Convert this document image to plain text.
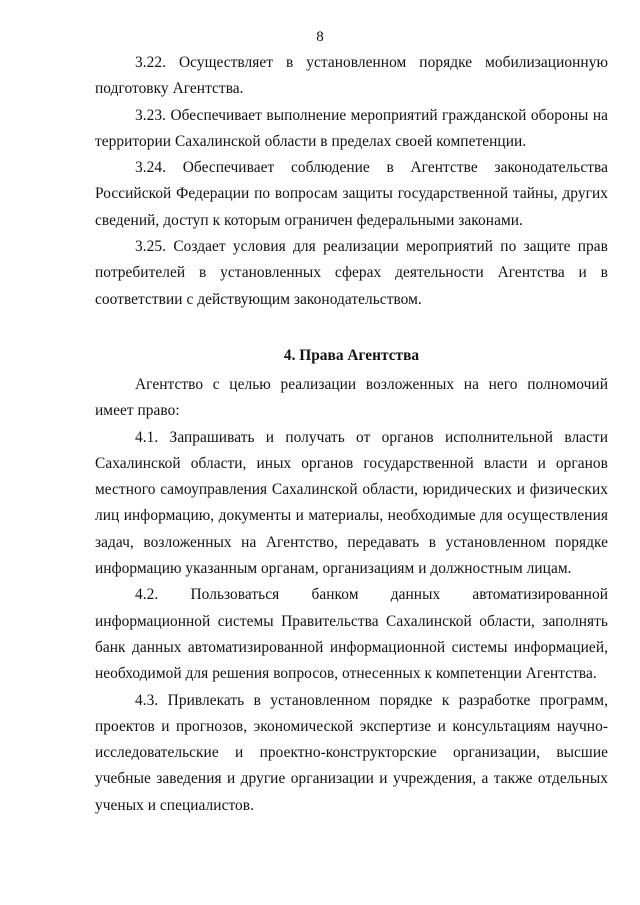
8

3.22. Осуществляет в установленном порядке мобилизационную подготовку Агентства.

3.23. Обеспечивает выполнение мероприятий гражданской обороны на территории Сахалинской области в пределах своей компетенции.

3.24. Обеспечивает соблюдение в Агентстве законодательства Российской Федерации по вопросам защиты государственной тайны, других сведений, доступ к которым ограничен федеральными законами.

3.25. Создает условия для реализации мероприятий по защите прав потребителей в установленных сферах деятельности Агентства и в соответствии с действующим законодательством.

4. Права Агентства

Агентство с целью реализации возложенных на него полномочий имеет право:

4.1. Запрашивать и получать от органов исполнительной власти Сахалинской области, иных органов государственной власти и органов местного самоуправления Сахалинской области, юридических и физических лиц информацию, документы и материалы, необходимые для осуществления задач, возложенных на Агентство, передавать в установленном порядке информацию указанным органам, организациям и должностным лицам.

4.2. Пользоваться банком данных автоматизированной информационной системы Правительства Сахалинской области, заполнять банк данных автоматизированной информационной системы информацией, необходимой для решения вопросов, отнесенных к компетенции Агентства.

4.3. Привлекать в установленном порядке к разработке программ, проектов и прогнозов, экономической экспертизе и консультациям научно-исследовательские и проектно-конструкторские организации, высшие учебные заведения и другие организации и учреждения, а также отдельных ученых и специалистов.
